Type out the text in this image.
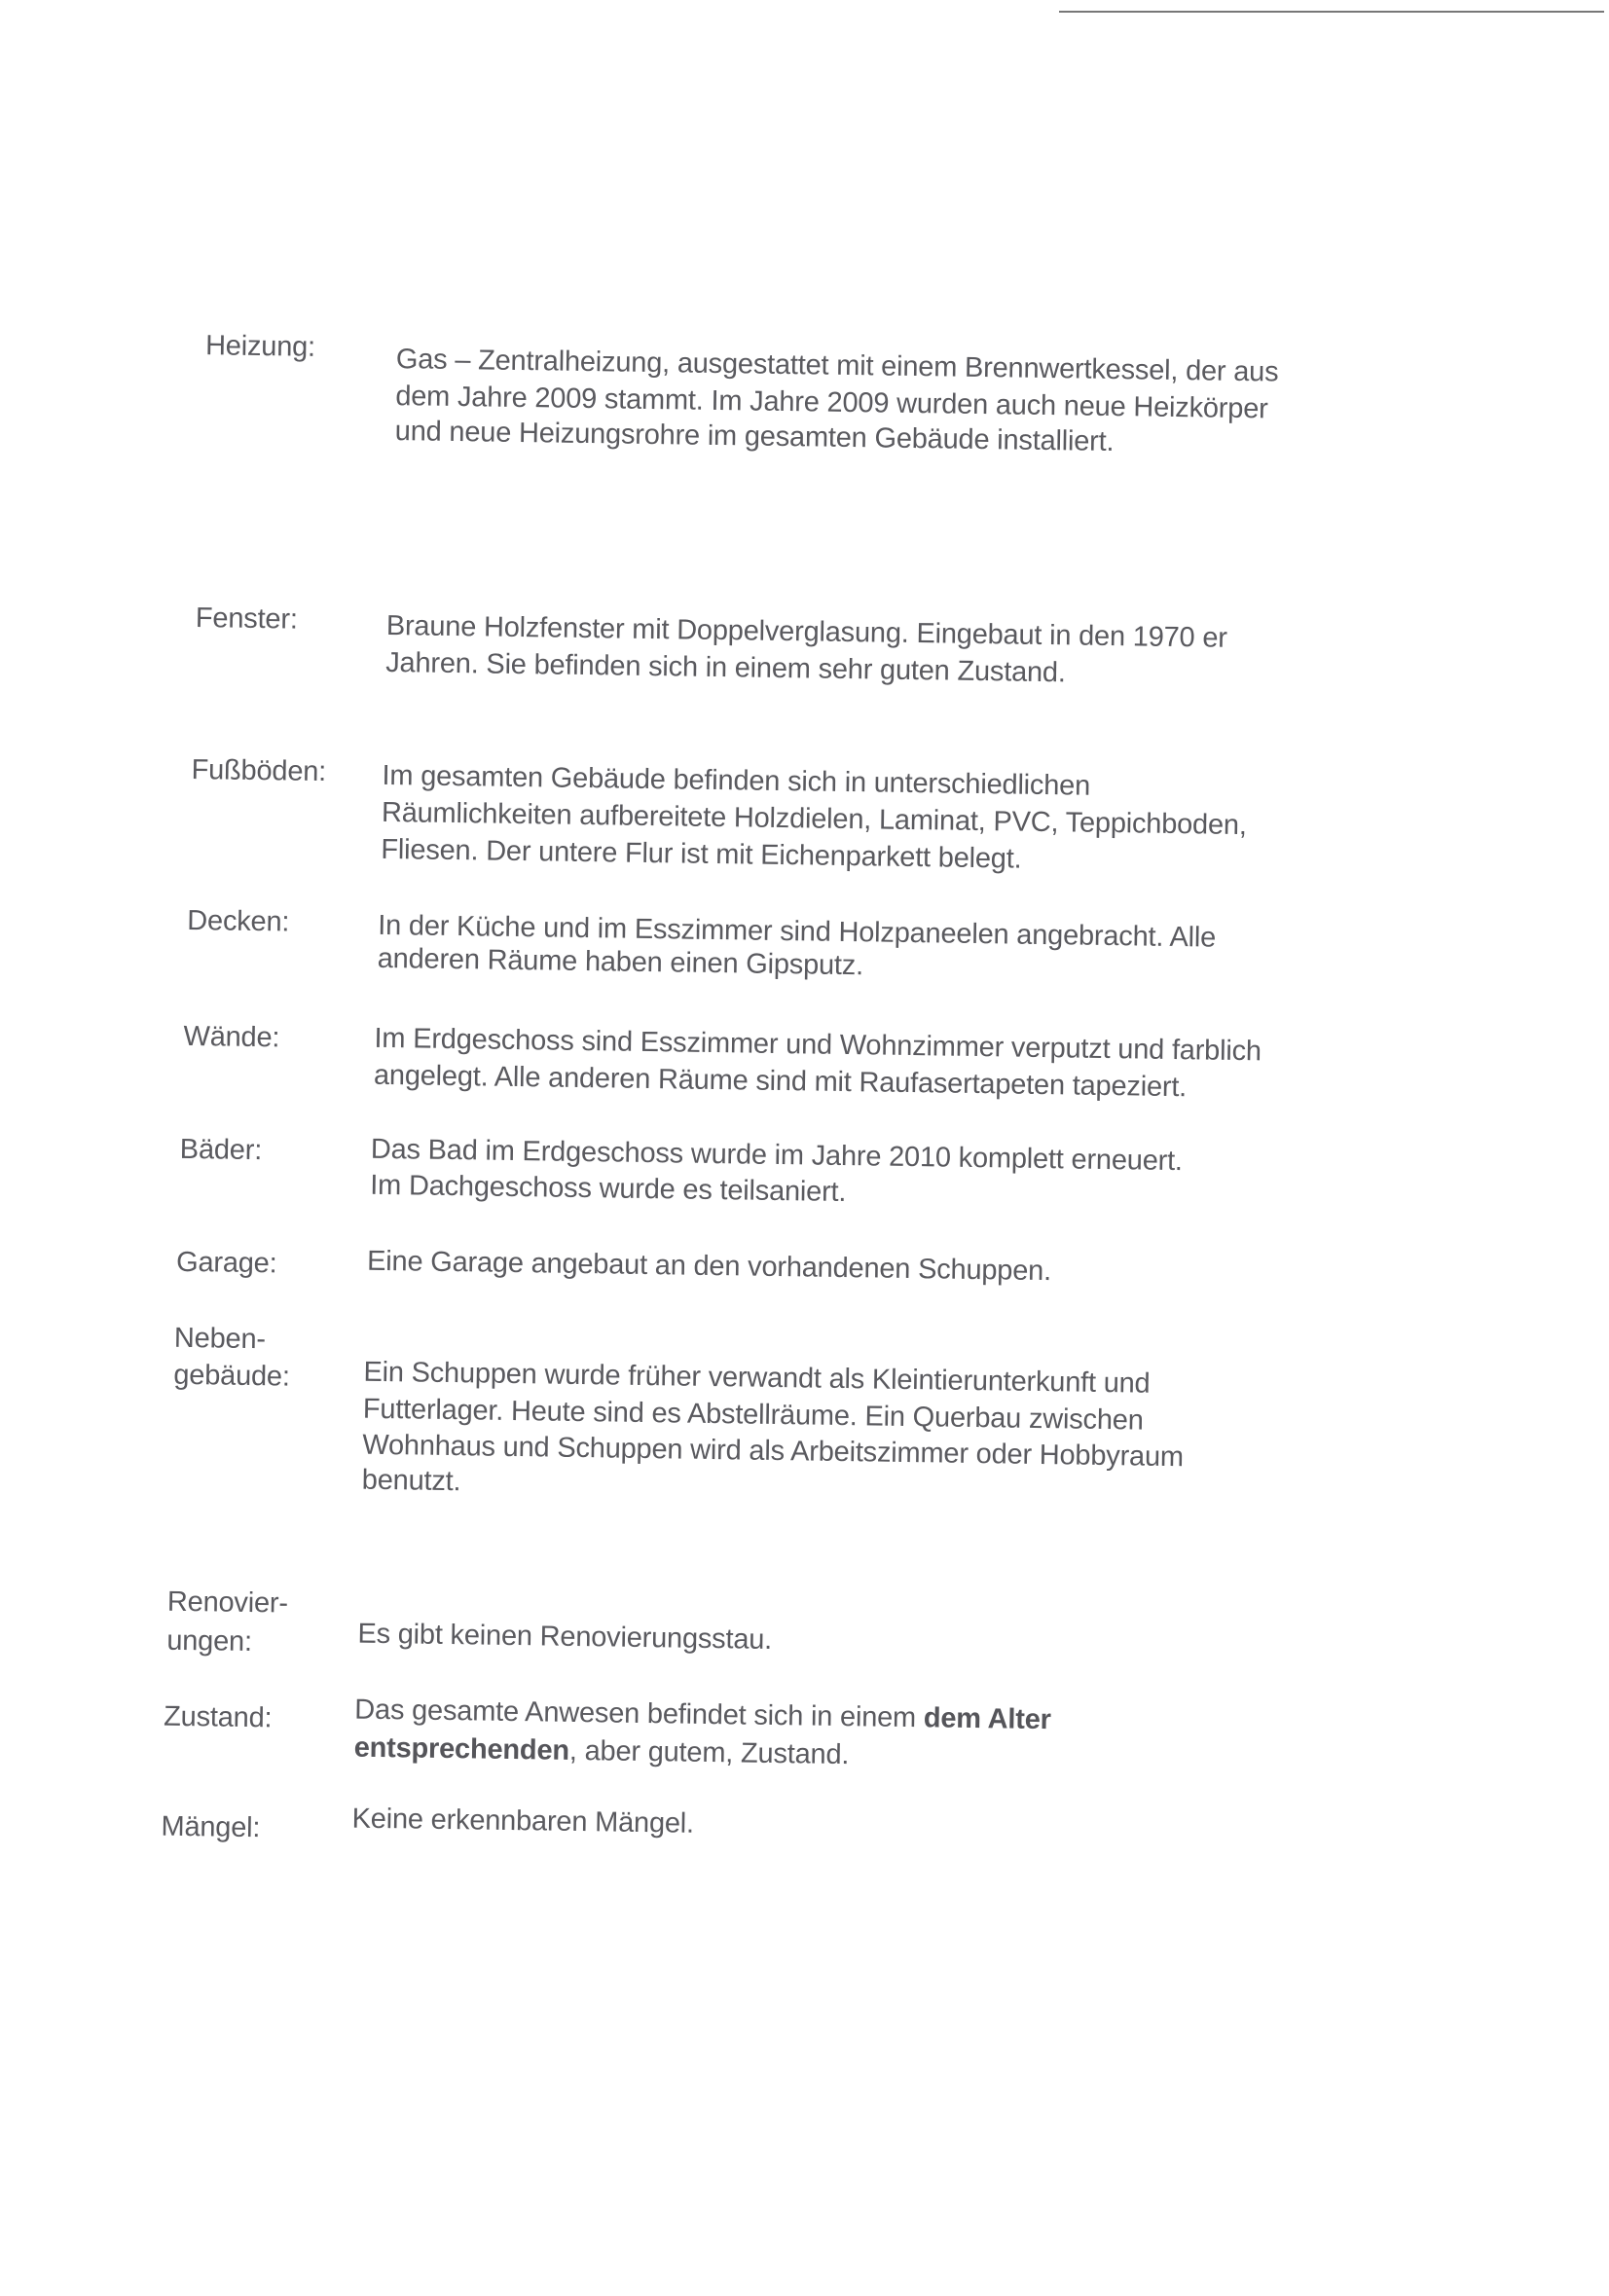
Heizung:	Gas – Zentralheizung, ausgestattet mit einem Brennwertkessel, der aus
dem Jahre 2009 stammt. Im Jahre 2009 wurden auch neue Heizkörper
und neue Heizungsrohre im gesamten Gebäude installiert.
Fenster:	Braune Holzfenster mit Doppelverglasung. Eingebaut in den 1970 er
Jahren. Sie befinden sich in einem sehr guten Zustand.
Fußböden: Im gesamten Gebäude befinden sich in unterschiedlichen
Räumlichkeiten aufbereitete Holzdielen, Laminat, PVC, Teppichboden,
Fliesen. Der untere Flur ist mit Eichenparkett belegt.
Decken:	In der Küche und im Esszimmer sind Holzpaneelen angebracht. Alle
anderen Räume haben einen Gipsputz.
Wände:	Im Erdgeschoss sind Esszimmer und Wohnzimmer verputzt und farblich
angelegt. Alle anderen Räume sind mit Raufasertapeten tapeziert.
Bäder:	Das Bad im Erdgeschoss wurde im Jahre 2010 komplett erneuert.
Im Dachgeschoss wurde es teilsaniert.
Garage:	Eine Garage angebaut an den vorhandenen Schuppen.
Neben-
gebäude:	Ein Schuppen wurde früher verwandt als Kleintierunterkunft und
Futterlager. Heute sind es Abstellräume. Ein Querbau zwischen
Wohnhaus und Schuppen wird als Arbeitszimmer oder Hobbyraum
benutzt.
Renovier-
ungen:	Es gibt keinen Renovierungsstau.
Zustand:	Das gesamte Anwesen befindet sich in einem dem Alter
entsprechenden, aber gutem, Zustand.
Mängel:	Keine erkennbaren Mängel.
